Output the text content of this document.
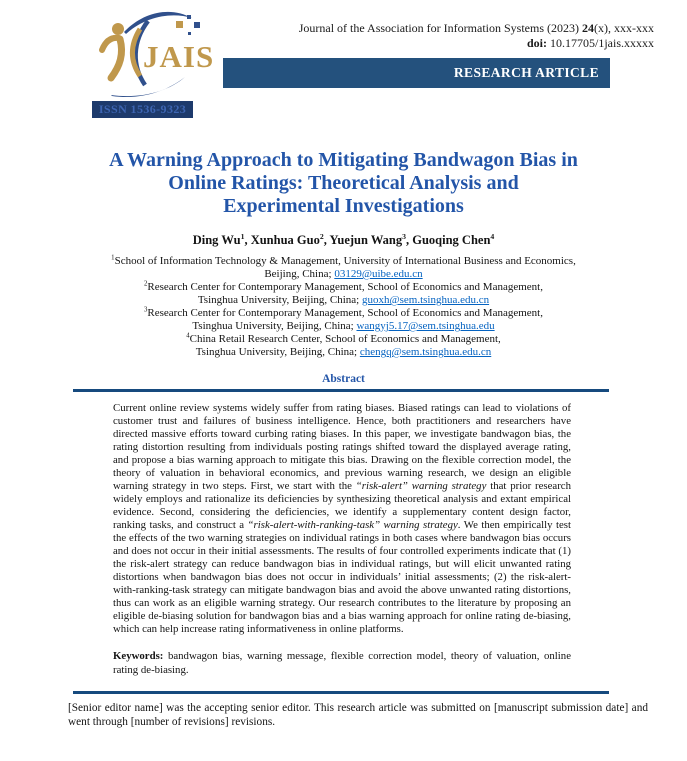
JAIS
ISSN 1536-9323
Journal of the Association for Information Systems (2023) 24(x), xxx-xxx
doi: 10.17705/1jais.xxxxx
RESEARCH ARTICLE
A Warning Approach to Mitigating Bandwagon Bias in
Online Ratings: Theoretical Analysis and
Experimental Investigations
Ding Wu$^1$, Xunhua Guo$^2$, Yuejun Wang$^3$, Guoqing Chen$^4$
$^1$School of Information Technology & Management, University of International Business and Economics,
Beijing, China; 03129@uibe.edu.cn
$^2$Research Center for Contemporary Management, School of Economics and Management,
Tsinghua University, Beijing, China; guoxh@sem.tsinghua.edu.cn
$^3$Research Center for Contemporary Management, School of Economics and Management,
Tsinghua University, Beijing, China; wangyj5.17@sem.tsinghua.edu
$^4$China Retail Research Center, School of Economics and Management,
Tsinghua University, Beijing, China; chengq@sem.tsinghua.edu.cn
Abstract

Current online review systems widely suffer from rating biases. Biased ratings can lead to violations of customer trust and failures of business intelligence. Hence, both practitioners and researchers have directed massive efforts toward curbing rating biases. In this paper, we investigate bandwagon bias, the rating distortion resulting from individuals posting ratings shifted toward the displayed average rating, and propose a bias warning approach to mitigate this bias. Drawing on the flexible correction model, the theory of valuation in behavioral economics, and previous warning research, we design an eligible warning strategy in two steps. First, we start with the “risk-alert” warning strategy that prior research widely employs and rationalize its deficiencies by synthesizing theoretical analysis and extant empirical evidence. Second, considering the deficiencies, we identify a supplementary content design factor, ranking tasks, and construct a “risk-alert-with-ranking-task” warning strategy. We then empirically test the effects of the two warning strategies on individual ratings in both cases where bandwagon bias occurs and does not occur in their initial assessments. The results of four controlled experiments indicate that (1) the risk-alert strategy can reduce bandwagon bias in individual ratings, but will elicit unwanted rating distortions when bandwagon bias does not occur in individuals’ initial assessments; (2) the risk-alert-with-ranking-task strategy can mitigate bandwagon bias and avoid the above unwanted rating distortions, thus can work as an eligible warning strategy. Our research contributes to the literature by proposing an eligible de-biasing solution for bandwagon bias and a bias warning approach for online rating de-biasing, which can help increase rating informativeness in online platforms.

Keywords: bandwagon bias, warning message, flexible correction model, theory of valuation, online rating de-biasing.

[Senior editor name] was the accepting senior editor. This research article was submitted on [manuscript submission date] and went through [number of revisions] revisions.
